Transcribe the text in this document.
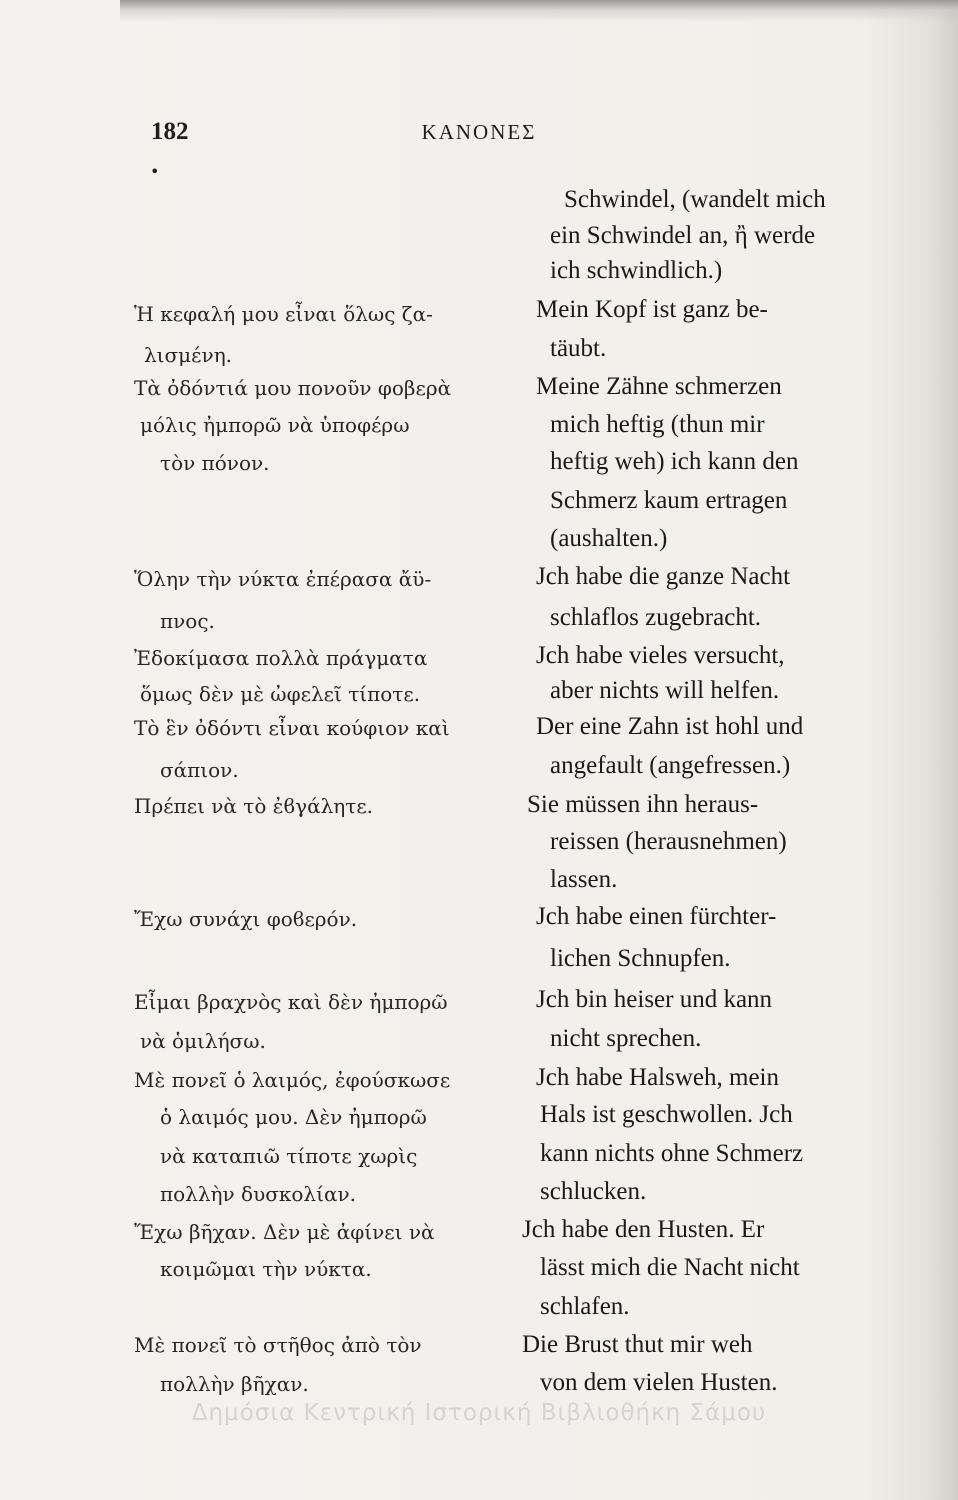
182	ΚΑΝΟΝΕΣ
•
Ἡ κεφαλή μου εἶναι ὅλως ζα-
λισμένη.
Τὰ ὀδόντιά μου πονοῦν φοβερὰ
μόλις ἠμπορῶ νὰ ὑποφέρω
τὸν πόνον.
Ὅλην τὴν νύκτα ἐπέρασα ἄϋ-
πνος.
Ἐδοκίμασα πολλὰ πράγματα
ὅμως δὲν μὲ ὠφελεῖ τίποτε.
Τὸ ἓν ὀδόντι εἶναι κούφιον καὶ
σάπιον.
Πρέπει νὰ τὸ ἐϐγάλητε.
Ἔχω συνάχι φοϐερόν.
Εἶμαι βραχνὸς καὶ δὲν ἠμπορῶ
νὰ ὁμιλήσω.
Μὲ πονεῖ ὁ λαιμός, ἐφούσκωσε
ὁ λαιμός μου. Δὲν ἠμπορῶ
νὰ καταπιῶ τίποτε χωρὶς
πολλὴν δυσκολίαν.
Ἔχω βῆχαν. Δὲν μὲ ἀφίνει νὰ
κοιμῶμαι τὴν νύκτα.
Μὲ πονεῖ τὸ στῆθος ἀπὸ τὸν
πολλὴν βῆχαν.
Schwindel, (wandelt mich
ein Schwindel an, ἢ werde
ich schwindlich.)
Mein Kopf ist ganz be-
täubt.
Meine Zähne schmerzen
mich heftig (thun mir
heftig weh) ich kann den
Schmerz kaum ertragen
(aushalten.)
Jch habe die ganze Nacht
schlaflos zugebracht.
Jch habe vieles versucht,
aber nichts will helfen.
Der eine Zahn ist hohl und
angefault (angefressen.)
Sie müssen ihn heraus-
reissen (herausnehmen)
lassen.
Jch habe einen fürchter-
lichen Schnupfen.
Jch bin heiser und kann
nicht sprechen.
Jch habe Halsweh, mein
Hals ist geschwollen. Jch
kann nichts ohne Schmerz
schlucken.
Jch habe den Husten. Er
lässt mich die Nacht nicht
schlafen.
Die Brust thut mir weh
von dem vielen Husten.
Δημόσια Κεντρική Ιστορική Βιβλιοθήκη Σάμου
